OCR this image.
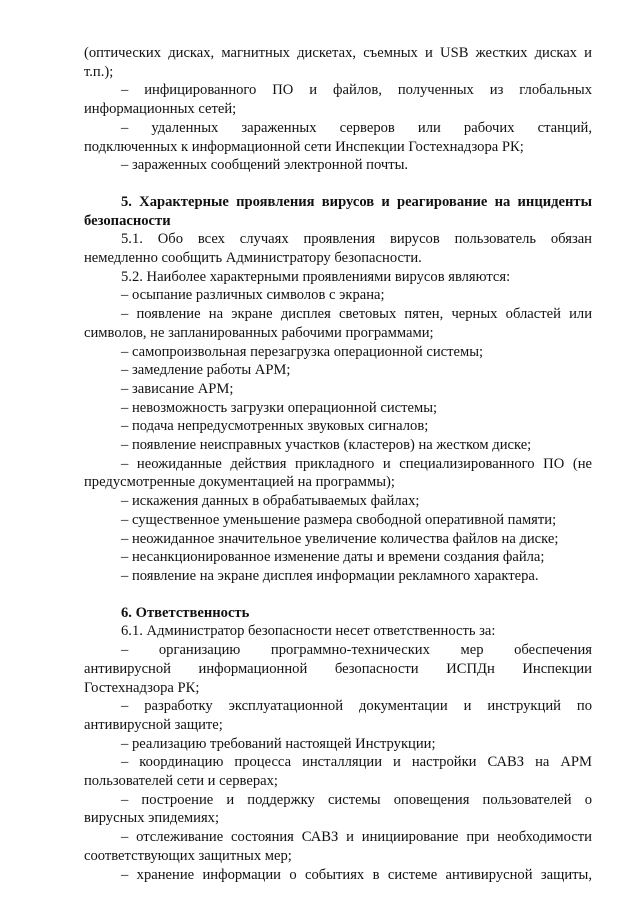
(оптических дисках, магнитных дискетах, съемных и USB жестких дисках и
т.п.);
– инфицированного ПО и файлов, полученных из глобальных
информационных сетей;
– удаленных зараженных серверов или рабочих станций,
подключенных к информационной сети Инспекции Гостехнадзора РК;
– зараженных сообщений электронной почты.
5. Характерные проявления вирусов и реагирование на инциденты
безопасности
5.1. Обо всех случаях проявления вирусов пользователь обязан
немедленно сообщить Администратору безопасности.
5.2. Наиболее характерными проявлениями вирусов являются:
– осыпание различных символов с экрана;
– появление на экране дисплея световых пятен, черных областей или
символов, не запланированных рабочими программами;
– самопроизвольная перезагрузка операционной системы;
– замедление работы АРМ;
– зависание АРМ;
– невозможность загрузки операционной системы;
– подача непредусмотренных звуковых сигналов;
– появление неисправных участков (кластеров) на жестком диске;
– неожиданные действия прикладного и специализированного ПО (не
предусмотренные документацией на программы);
– искажения данных в обрабатываемых файлах;
– существенное уменьшение размера свободной оперативной памяти;
– неожиданное значительное увеличение количества файлов на диске;
– несанкционированное изменение даты и времени создания файла;
– появление на экране дисплея информации рекламного характера.
6. Ответственность
6.1. Администратор безопасности несет ответственность за:
– организацию программно-технических мер обеспечения
антивирусной информационной безопасности ИСПДн Инспекции
Гостехнадзора РК;
– разработку эксплуатационной документации и инструкций по
антивирусной защите;
– реализацию требований настоящей Инструкции;
– координацию процесса инсталляции и настройки САВЗ на АРМ
пользователей сети и серверах;
– построение и поддержку системы оповещения пользователей о
вирусных эпидемиях;
– отслеживание состояния САВЗ и инициирование при необходимости
соответствующих защитных мер;
– хранение информации о событиях в системе антивирусной защиты,
